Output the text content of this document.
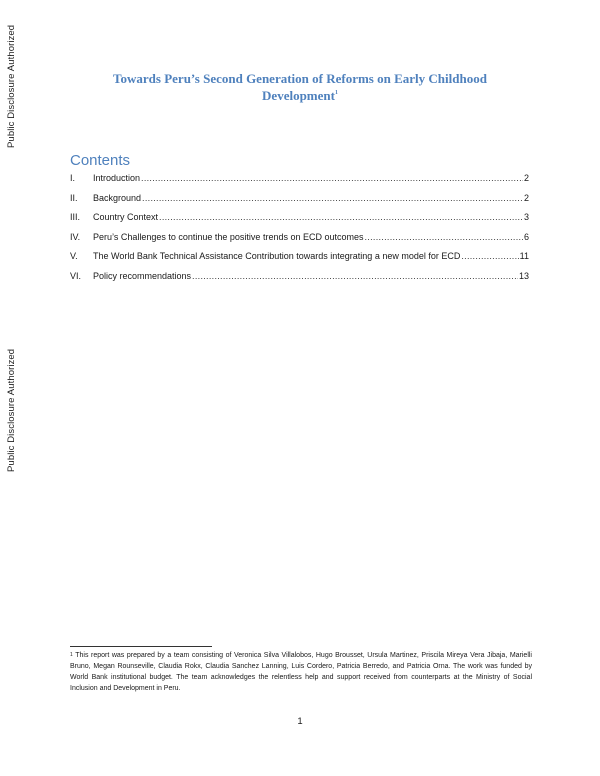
Public Disclosure Authorized
Public Disclosure Authorized
Towards Peru’s Second Generation of Reforms on Early Childhood
Development$^1$
Contents
I.	Introduction .....	2
II.	Background .....	2
III.	Country Context .....	3
IV.	Peru’s Challenges to continue the positive trends on ECD outcomes .....	6
V.	The World Bank Technical Assistance Contribution towards integrating a new model for ECD .....	11
VI.	Policy recommendations .....	13
$^1$ This report was prepared by a team consisting of Veronica Silva Villalobos, Hugo Brousset, Ursula Martinez, Priscila Mireya Vera Jibaja, Marielli Bruno, Megan Rounseville, Claudia Rokx, Claudia Sanchez Lanning, Luis Cordero, Patricia Berredo, and Patricia Orna. The work was funded by World Bank institutional budget. The team acknowledges the relentless help and support received from counterparts at the Ministry of Social Inclusion and Development in Peru.
1
